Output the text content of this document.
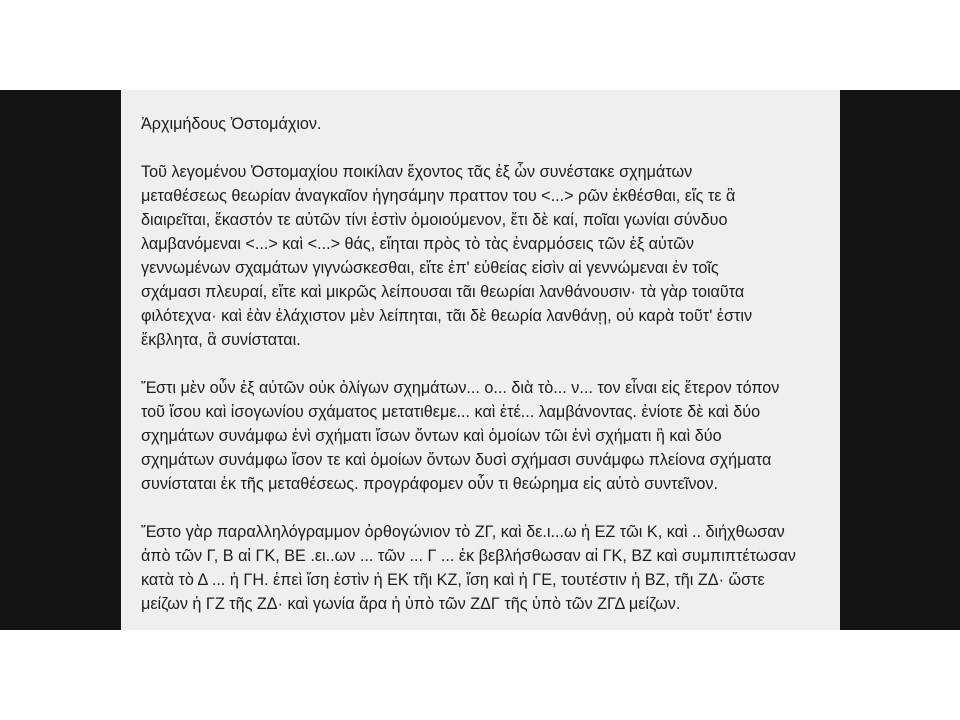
Ἀρχιμήδους Ὀστομάχιον.
Τοῦ λεγομένου Ὀστομαχίου ποικίλαν ἔχοντος τᾶς ἐξ ὧν συνέστακε σχημάτων
μεταθέσεως θεωρίαν ἀναγκαῖον ἡγησάμην πραττον του <...> ρῶν ἐκθέσθαι, εἴς τε ἃ
διαιρεῖται, ἕκαστόν τε αὐτῶν τίνι ἐστὶν ὁμοιούμενον, ἔτι δὲ καί, ποῖαι γωνίαι σύνδυο
λαμβανόμεναι <...> καὶ <...> θάς, εἴηται πρὸς τὸ τὰς ἐναρμόσεις τῶν ἐξ αὐτῶν
γεννωμένων σχαμάτων γιγνώσκεσθαι, εἴτε ἐπ' εὐθείας εἰσὶν αἱ γεννώμεναι ἐν τοῖς
σχάμασι πλευραί, εἴτε καὶ μικρῶς λείπουσαι τᾶι θεωρίαι λανθάνουσιν· τὰ γὰρ τοιαῦτα
φιλότεχνα· καὶ ἐὰν ἐλάχιστον μὲν λείπηται, τᾶι δὲ θεωρία λανθάνῃ, οὐ καρὰ τοῦτ' ἐστιν
ἔκβλητα, ἃ συνίσταται.
Ἔστι μὲν οὖν ἐξ αὐτῶν οὐκ ὀλίγων σχημάτων... ο... διὰ τὸ... ν... τον εἶναι εἰς ἕτερον τόπον
τοῦ ἴσου καὶ ἰσογωνίου σχάματος μετατιθεμε... καὶ ἑτέ... λαμβάνοντας. ἐνίοτε δὲ καὶ δύο
σχημάτων συνάμφω ἑνὶ σχήματι ἴσων ὄντων καὶ ὁμοίων τῶι ἑνὶ σχήματι ἢ καὶ δύο
σχημάτων συνάμφω ἴσον τε καὶ ὁμοίων ὄντων δυσὶ σχήμασι συνάμφω πλείονα σχήματα
συνίσταται ἐκ τῆς μεταθέσεως. προγράφομεν οὖν τι θεώρημα εἰς αὐτὸ συντεῖνον.
Ἔστο γὰρ παραλληλόγραμμον ὀρθογώνιον τὸ ΖΓ, καὶ δε.ι...ω ἡ ΕΖ τῶι Κ, καὶ .. διήχθωσαν
ἀπὸ τῶν Γ, Β αἱ ΓΚ, ΒΕ .ει..ων ... τῶν ... Γ ... ἐκ βεβλήσθωσαν αἱ ΓΚ, ΒΖ καὶ συμπιπτέτωσαν
κατὰ τὸ Δ ... ἡ ΓΗ. ἐπεὶ ἴση ἐστὶν ἡ ΕΚ τῆι ΚΖ, ἴση καὶ ἡ ΓΕ, τουτέστιν ἡ ΒΖ, τῆι ΖΔ· ὥστε
μείζων ἡ ΓΖ τῆς ΖΔ· καὶ γωνία ἄρα ἡ ὑπὸ τῶν ΖΔΓ τῆς ὑπὸ τῶν ΖΓΔ μείζων.
